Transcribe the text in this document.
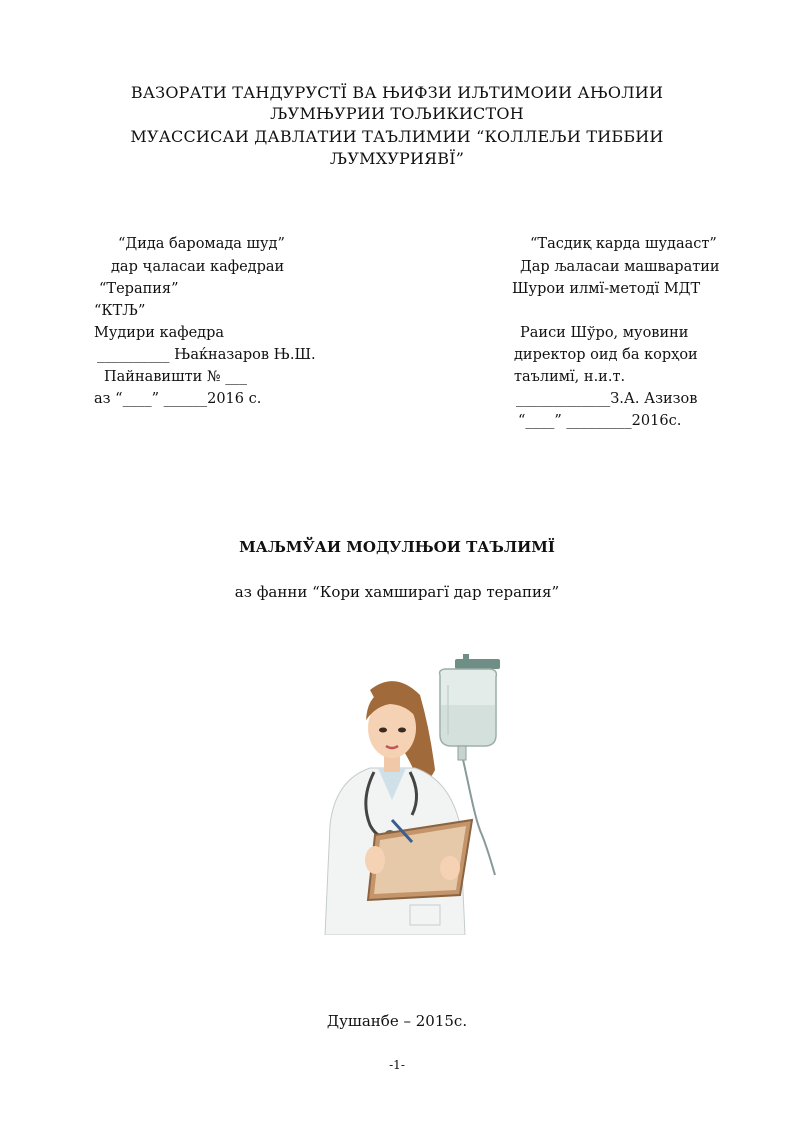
ВАЗОРАТИ ТАНДУРУСТЇ ВА ЊИФЗИ ИЉТИМОИИ АЊОЛИИ
ЉУМЊУРИИ ТОЉИКИСТОН
МУАССИСАИ ДАВЛАТИИ ТАЪЛИМИИ “КОЛЛЕЉИ ТИББИИ
ЉУМХУРИЯВЇ”
“Дида баромада шуд”
дар ҷаласаи кафедраи
“Терапия”
“КТЉ”
Мудири кафедра
__________ Њаќназаров Њ.Ш.
Пайнавишти № ___
аз “____” ______2016 с.
“Тасдиқ карда шудааст”
Дар љаласаи машваратии
Шурои илмї-методї МДТ
Раиси Шўро, муовини
директор оид ба корҳои
таълимї, н.и.т.
_____________З.А. Азизов
“____” _________2016с.
МАЉМЎАИ МОДУЛЊОИ ТАЪЛИМЇ
аз фанни “Кори хамширагї дар терапия”
Душанбе – 2015с.
-1-
